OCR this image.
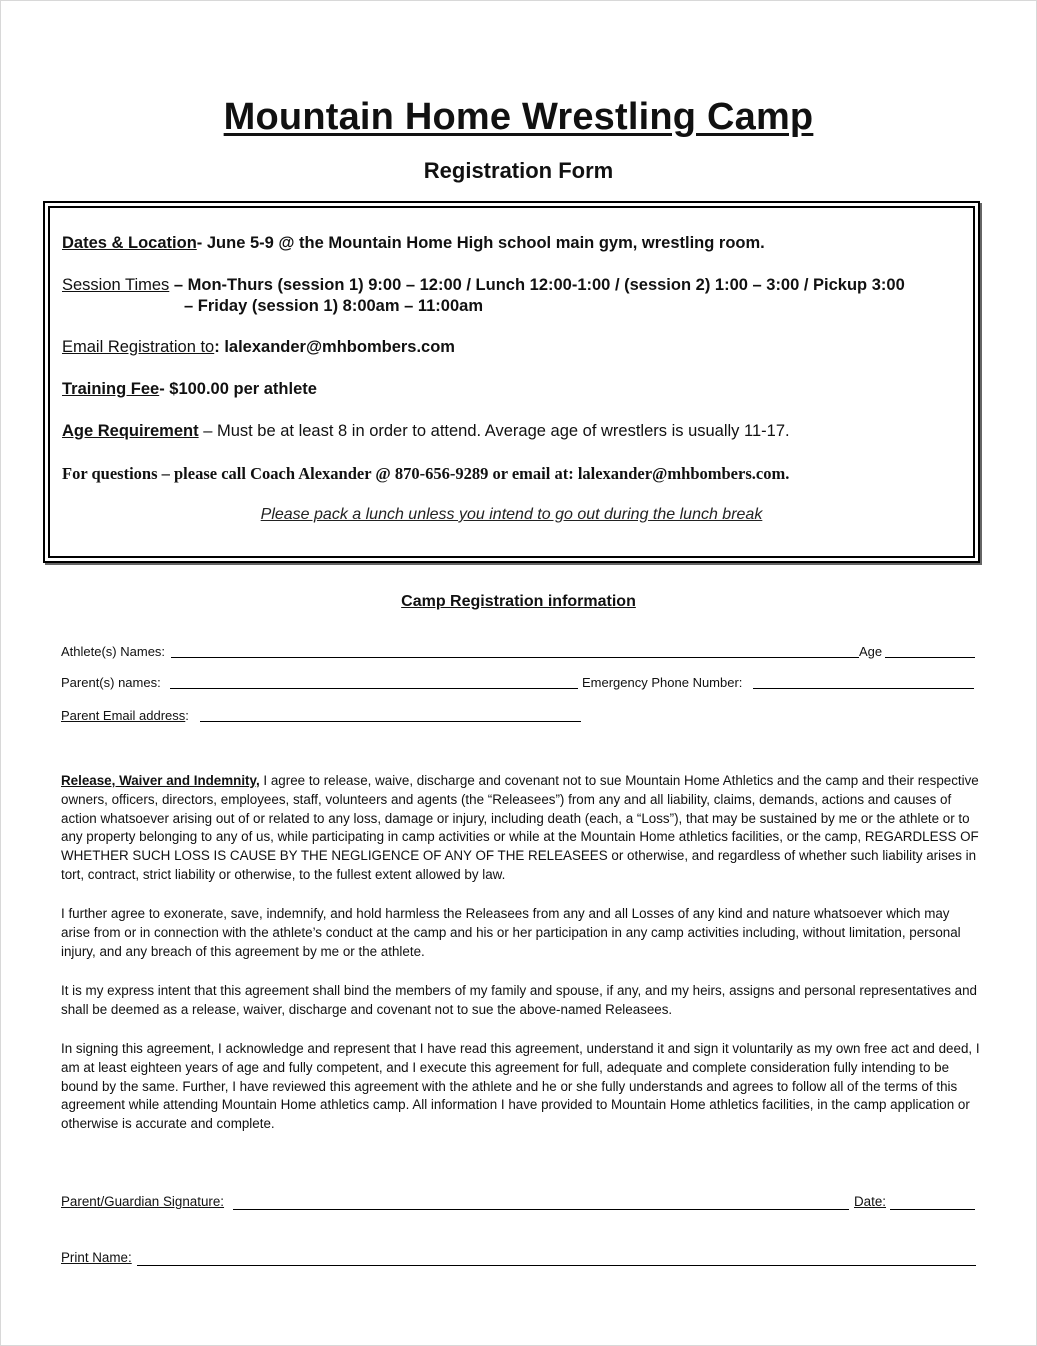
Mountain Home Wrestling Camp
Registration Form
Dates & Location- June 5-9 @ the Mountain Home High school main gym, wrestling room.
Session Times – Mon-Thurs (session 1) 9:00 – 12:00 / Lunch 12:00-1:00 / (session 2) 1:00 – 3:00 / Pickup 3:00
– Friday (session 1) 8:00am – 11:00am
Email Registration to: lalexander@mhbombers.com
Training Fee- $100.00 per athlete
Age Requirement – Must be at least 8 in order to attend. Average age of wrestlers is usually 11-17.
For questions – please call Coach Alexander @ 870-656-9289 or email at: lalexander@mhbombers.com.
Please pack a lunch unless you intend to go out during the lunch break
Camp Registration information
Athlete(s) Names:	Age
Parent(s) names:	Emergency Phone Number:
Parent Email address:

Release, Waiver and Indemnity, I agree to release, waive, discharge and covenant not to sue Mountain Home Athletics and the camp and their respective owners, officers, directors, employees, staff, volunteers and agents (the “Releasees”) from any and all liability, claims, demands, actions and causes of action whatsoever arising out of or related to any loss, damage or injury, including death (each, a “Loss”), that may be sustained by me or the athlete or to any property belonging to any of us, while participating in camp activities or while at the Mountain Home athletics facilities, or the camp, REGARDLESS OF WHETHER SUCH LOSS IS CAUSE BY THE NEGLIGENCE OF ANY OF THE RELEASEES or otherwise, and regardless of whether such liability arises in tort, contract, strict liability or otherwise, to the fullest extent allowed by law.

I further agree to exonerate, save, indemnify, and hold harmless the Releasees from any and all Losses of any kind and nature whatsoever which may arise from or in connection with the athlete’s conduct at the camp and his or her participation in any camp activities including, without limitation, personal injury, and any breach of this agreement by me or the athlete.

It is my express intent that this agreement shall bind the members of my family and spouse, if any, and my heirs, assigns and personal representatives and shall be deemed as a release, waiver, discharge and covenant not to sue the above-named Releasees.

In signing this agreement, I acknowledge and represent that I have read this agreement, understand it and sign it voluntarily as my own free act and deed, I am at least eighteen years of age and fully competent, and I execute this agreement for full, adequate and complete consideration fully intending to be bound by the same. Further, I have reviewed this agreement with the athlete and he or she fully understands and agrees to follow all of the terms of this agreement while attending Mountain Home athletics camp. All information I have provided to Mountain Home athletics facilities, in the camp application or otherwise is accurate and complete.

Parent/Guardian Signature:	Date:
Print Name:
